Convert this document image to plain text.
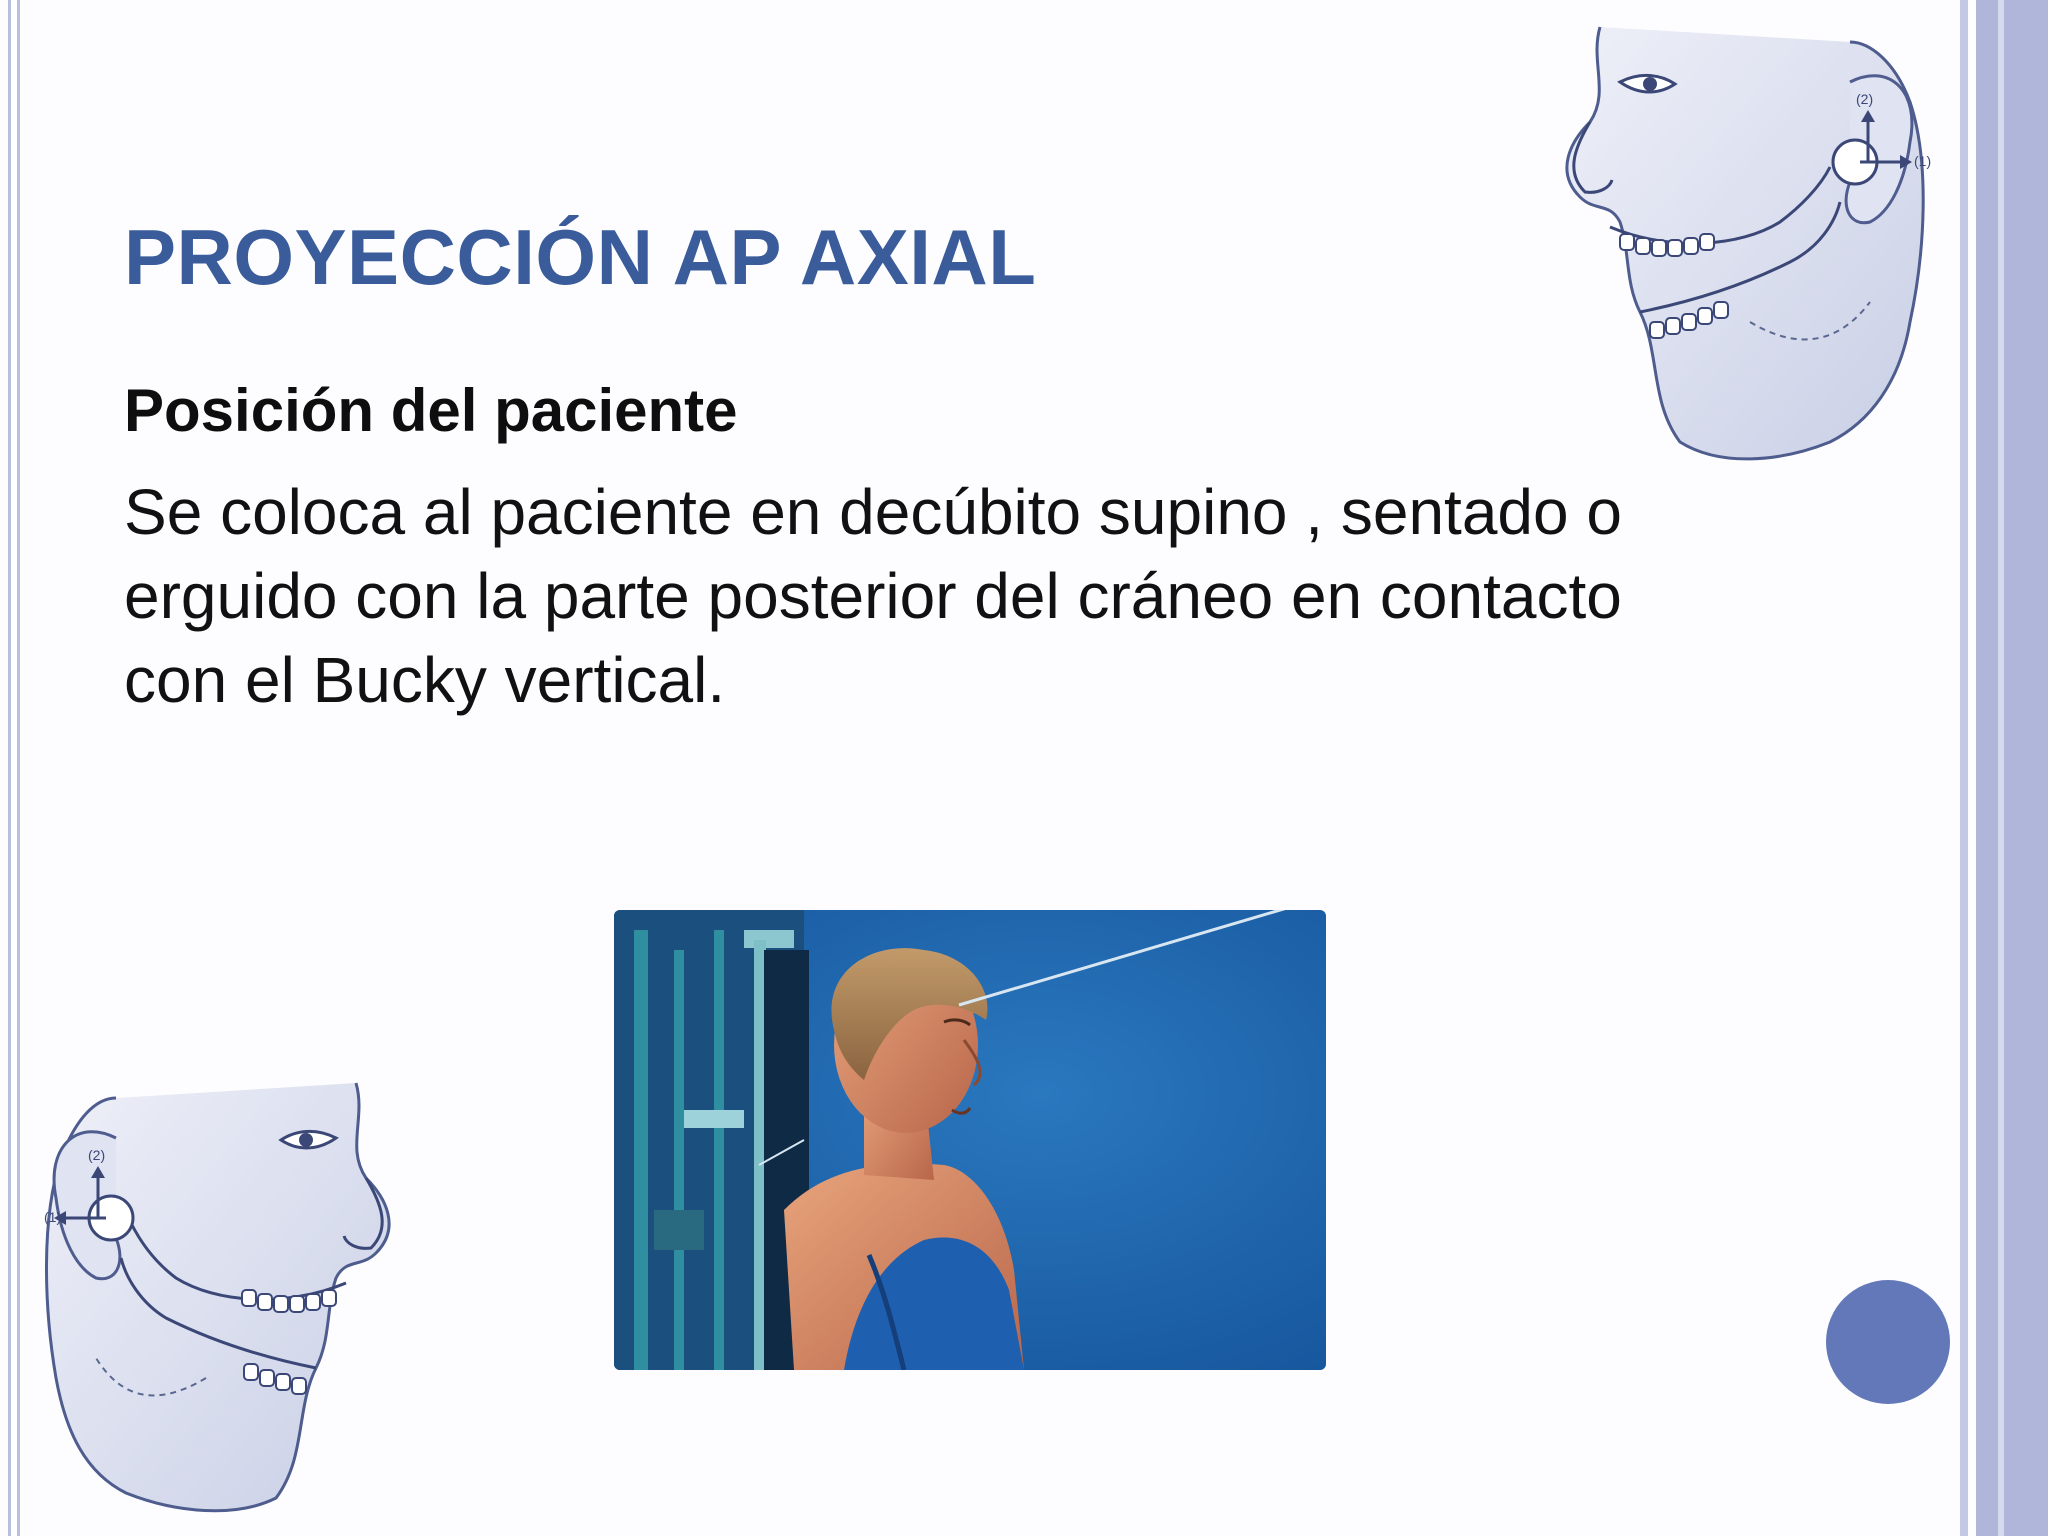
(2)
(1)
PROYECCIÓN AP AXIAL
Posición del paciente

Se coloca al paciente en decúbito supino , sentado o
erguido con la parte posterior del cráneo en contacto
con el Bucky vertical.

(2)
(1)
